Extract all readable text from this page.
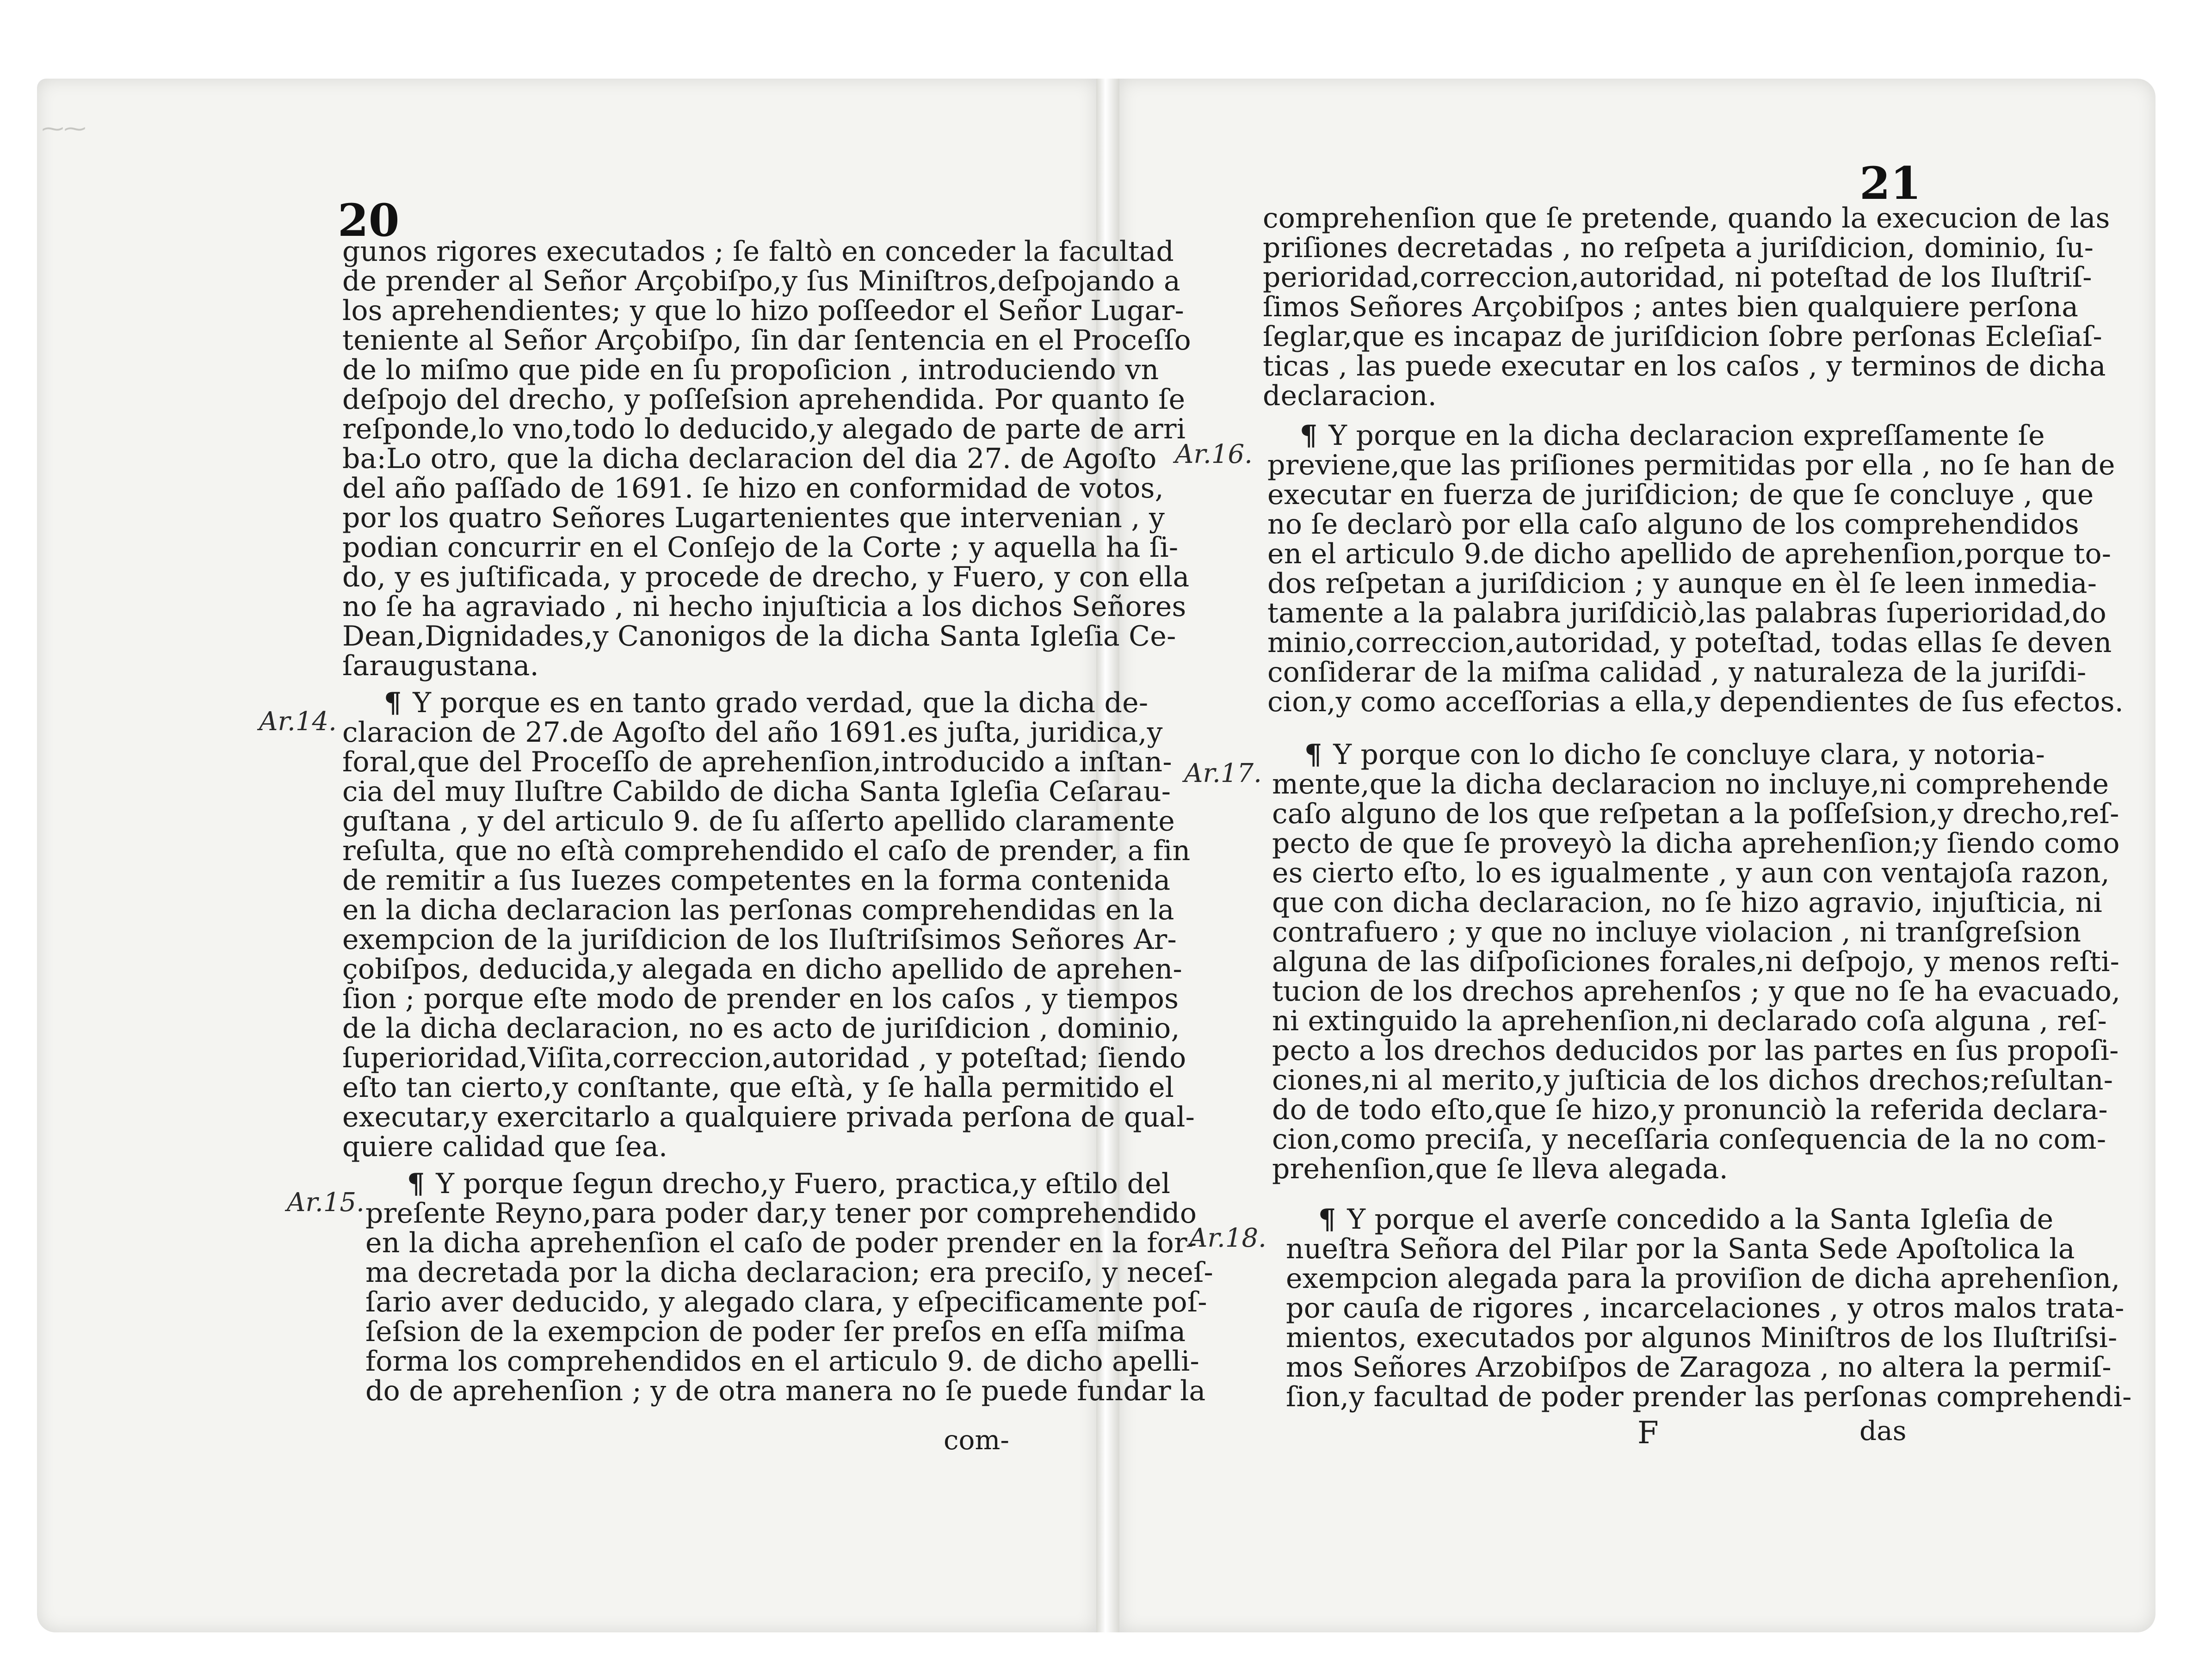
⁓⁓
20
gunos rigores executados ; ſe faltò en conceder la facultad
de prender al Señor Arçobiſpo,y ſus Miniſtros,deſpojando a
los aprehendientes; y que lo hizo poſſeedor el Señor Lugar-
teniente al Señor Arçobiſpo, ſin dar ſentencia en el Proceſſo
de lo miſmo que pide en ſu propoſicion , introduciendo vn
deſpojo del drecho, y poſſeſsion aprehendida. Por quanto ſe
reſponde,lo vno,todo lo deducido,y alegado de parte de arri
ba:Lo otro, que la dicha declaracion del dia 27. de Agoſto
del año paſſado de 1691. ſe hizo en conformidad de votos,
por los quatro Señores Lugartenientes que intervenian , y
podian concurrir en el Conſejo de la Corte ; y aquella ha ſi-
do, y es juſtificada, y procede de drecho, y Fuero, y con ella
no ſe ha agraviado , ni hecho injuſticia a los dichos Señores
Dean,Dignidades,y Canonigos de la dicha Santa Igleſia Ce-
ſaraugustana.
Ar.14.
¶ Y porque es en tanto grado verdad, que la dicha de-
claracion de 27.de Agoſto del año 1691.es juſta, juridica,y
foral,que del Proceſſo de aprehenſion,introducido a inſtan-
cia del muy Iluſtre Cabildo de dicha Santa Igleſia Ceſarau-
guſtana , y del articulo 9. de ſu aſſerto apellido claramente
reſulta, que no eſtà comprehendido el caſo de prender, a fin
de remitir a ſus Iuezes competentes en la forma contenida
en la dicha declaracion las perſonas comprehendidas en la
exempcion de la juriſdicion de los Iluſtriſsimos Señores Ar-
çobiſpos, deducida,y alegada en dicho apellido de aprehen-
ſion ; porque eſte modo de prender en los caſos , y tiempos
de la dicha declaracion, no es acto de juriſdicion , dominio,
ſuperioridad,Viſita,correccion,autoridad , y poteſtad; ſiendo
eſto tan cierto,y conſtante, que eſtà, y ſe halla permitido el
executar,y exercitarlo a qualquiere privada perſona de qual-
quiere calidad que ſea.
Ar.15.
¶ Y porque ſegun drecho,y Fuero, practica,y eſtilo del
preſente Reyno,para poder dar,y tener por comprehendido
en la dicha aprehenſion el caſo de poder prender en la for-
ma decretada por la dicha declaracion; era preciſo, y neceſ-
ſario aver deducido, y alegado clara, y eſpecificamente poſ-
ſeſsion de la exempcion de poder ſer preſos en eſſa miſma
forma los comprehendidos en el articulo 9. de dicho apelli-
do de aprehenſion ; y de otra manera no ſe puede fundar la
com-
21
comprehenſion que ſe pretende, quando la execucion de las
priſiones decretadas , no reſpeta a juriſdicion, dominio, ſu-
perioridad,correccion,autoridad, ni poteſtad de los Iluſtriſ-
ſimos Señores Arçobiſpos ; antes bien qualquiere perſona
ſeglar,que es incapaz de juriſdicion ſobre perſonas Ecleſiaſ-
ticas , las puede executar en los caſos , y terminos de dicha
declaracion.
Ar.16.
¶ Y porque en la dicha declaracion expreſſamente ſe
previene,que las priſiones permitidas por ella , no ſe han de
executar en fuerza de juriſdicion; de que ſe concluye , que
no ſe declarò por ella caſo alguno de los comprehendidos
en el articulo 9.de dicho apellido de aprehenſion,porque to-
dos reſpetan a juriſdicion ; y aunque en èl ſe leen inmedia-
tamente a la palabra juriſdiciò,las palabras ſuperioridad,do
minio,correccion,autoridad, y poteſtad, todas ellas ſe deven
conſiderar de la miſma calidad , y naturaleza de la juriſdi-
cion,y como acceſſorias a ella,y dependientes de ſus efectos.
Ar.17.
¶ Y porque con lo dicho ſe concluye clara, y notoria-
mente,que la dicha declaracion no incluye,ni comprehende
caſo alguno de los que reſpetan a la poſſeſsion,y drecho,reſ-
pecto de que ſe proveyò la dicha aprehenſion;y ſiendo como
es cierto eſto, lo es igualmente , y aun con ventajoſa razon,
que con dicha declaracion, no ſe hizo agravio, injuſticia, ni
contrafuero ; y que no incluye violacion , ni tranſgreſsion
alguna de las diſpoſiciones forales,ni deſpojo, y menos reſti-
tucion de los drechos aprehenſos ; y que no ſe ha evacuado,
ni extinguido la aprehenſion,ni declarado coſa alguna , reſ-
pecto a los drechos deducidos por las partes en ſus propoſi-
ciones,ni al merito,y juſticia de los dichos drechos;reſultan-
do de todo eſto,que ſe hizo,y pronunciò la referida declara-
cion,como preciſa, y neceſſaria conſequencia de la no com-
prehenſion,que ſe lleva alegada.
Ar.18.
¶ Y porque el averſe concedido a la Santa Igleſia de
nueſtra Señora del Pilar por la Santa Sede Apoſtolica la
exempcion alegada para la proviſion de dicha aprehenſion,
por cauſa de rigores , incarcelaciones , y otros malos trata-
mientos, executados por algunos Miniſtros de los Iluſtriſsi-
mos Señores Arzobiſpos de Zaragoza , no altera la permiſ-
ſion,y facultad de poder prender las perſonas comprehendi-
F	das
